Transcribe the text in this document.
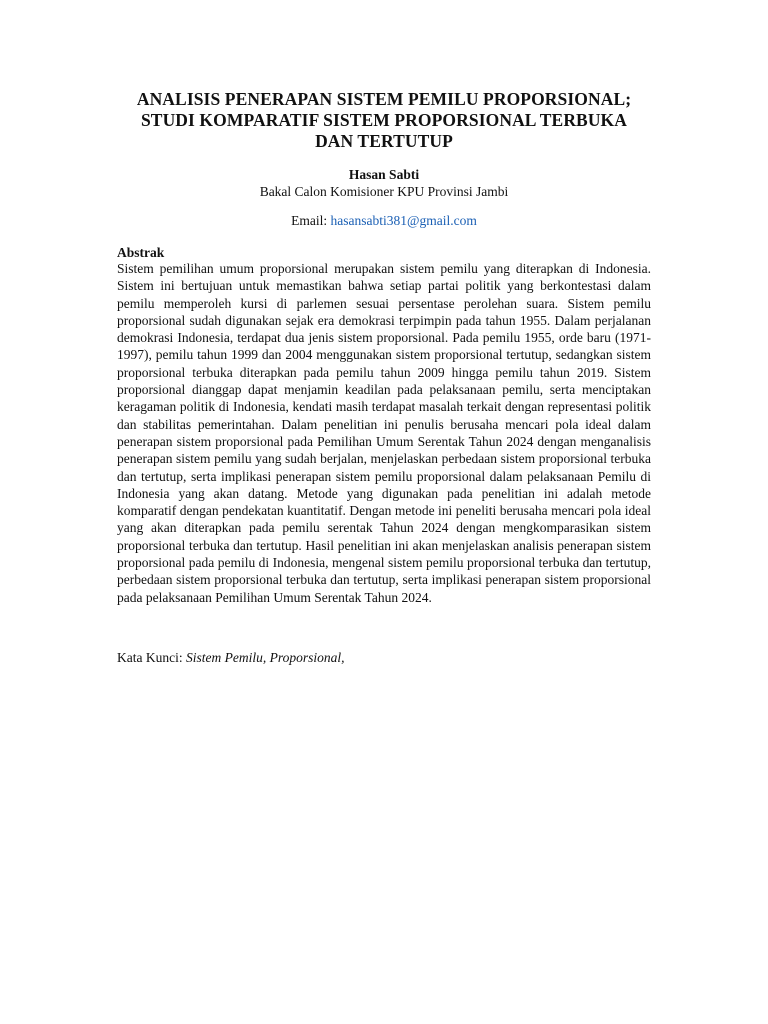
ANALISIS PENERAPAN SISTEM PEMILU PROPORSIONAL;
STUDI KOMPARATIF SISTEM PROPORSIONAL TERBUKA
DAN TERTUTUP
Hasan Sabti
Bakal Calon Komisioner KPU Provinsi Jambi
Email: hasansabti381@gmail.com
Abstrak
Sistem pemilihan umum proporsional merupakan sistem pemilu yang diterapkan di Indonesia. Sistem ini bertujuan untuk memastikan bahwa setiap partai politik yang berkontestasi dalam pemilu memperoleh kursi di parlemen sesuai persentase perolehan suara. Sistem pemilu proporsional sudah digunakan sejak era demokrasi terpimpin pada tahun 1955. Dalam perjalanan demokrasi Indonesia, terdapat dua jenis sistem proporsional. Pada pemilu 1955, orde baru (1971-1997), pemilu tahun 1999 dan 2004 menggunakan sistem proporsional tertutup, sedangkan sistem proporsional terbuka diterapkan pada pemilu tahun 2009 hingga pemilu tahun 2019. Sistem proporsional dianggap dapat menjamin keadilan pada pelaksanaan pemilu, serta menciptakan keragaman politik di Indonesia, kendati masih terdapat masalah terkait dengan representasi politik dan stabilitas pemerintahan. Dalam penelitian ini penulis berusaha mencari pola ideal dalam penerapan sistem proporsional pada Pemilihan Umum Serentak Tahun 2024 dengan menganalisis penerapan sistem pemilu yang sudah berjalan, menjelaskan perbedaan sistem proporsional terbuka dan tertutup, serta implikasi penerapan sistem pemilu proporsional dalam pelaksanaan Pemilu di Indonesia yang akan datang. Metode yang digunakan pada penelitian ini adalah metode komparatif dengan pendekatan kuantitatif. Dengan metode ini peneliti berusaha mencari pola ideal yang akan diterapkan pada pemilu serentak Tahun 2024 dengan mengkomparasikan sistem proporsional terbuka dan tertutup. Hasil penelitian ini akan menjelaskan analisis penerapan sistem proporsional pada pemilu di Indonesia, mengenal sistem pemilu proporsional terbuka dan tertutup, perbedaan sistem proporsional terbuka dan tertutup, serta implikasi penerapan sistem proporsional pada pelaksanaan Pemilihan Umum Serentak Tahun 2024.
Kata Kunci: Sistem Pemilu, Proporsional,
